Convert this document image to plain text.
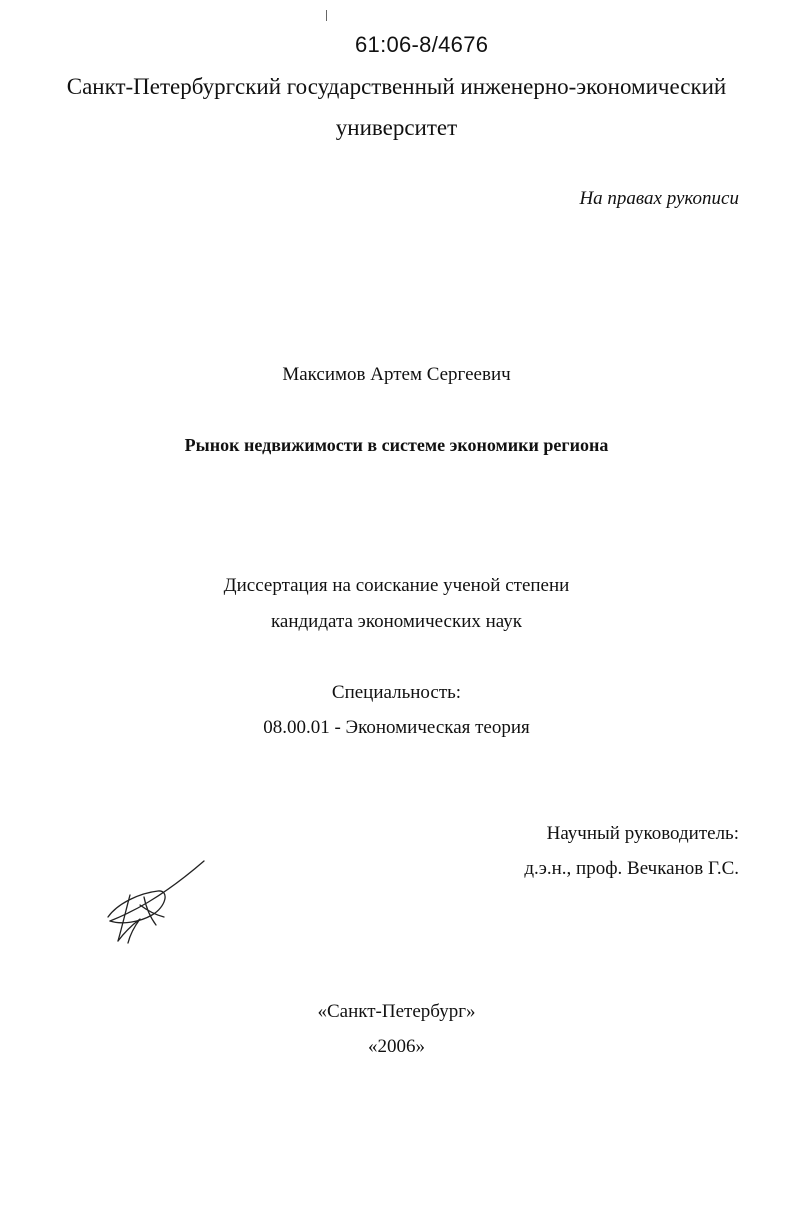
61:06-8/4676
Санкт-Петербургский государственный инженерно-экономический
университет
На правах рукописи
Максимов Артем Сергеевич
Рынок недвижимости в системе экономики региона
Диссертация на соискание ученой степени
кандидата экономических наук
Специальность:
08.00.01 - Экономическая теория
Научный руководитель:
д.э.н., проф. Вечканов Г.С.
«Санкт-Петербург»
«2006»
